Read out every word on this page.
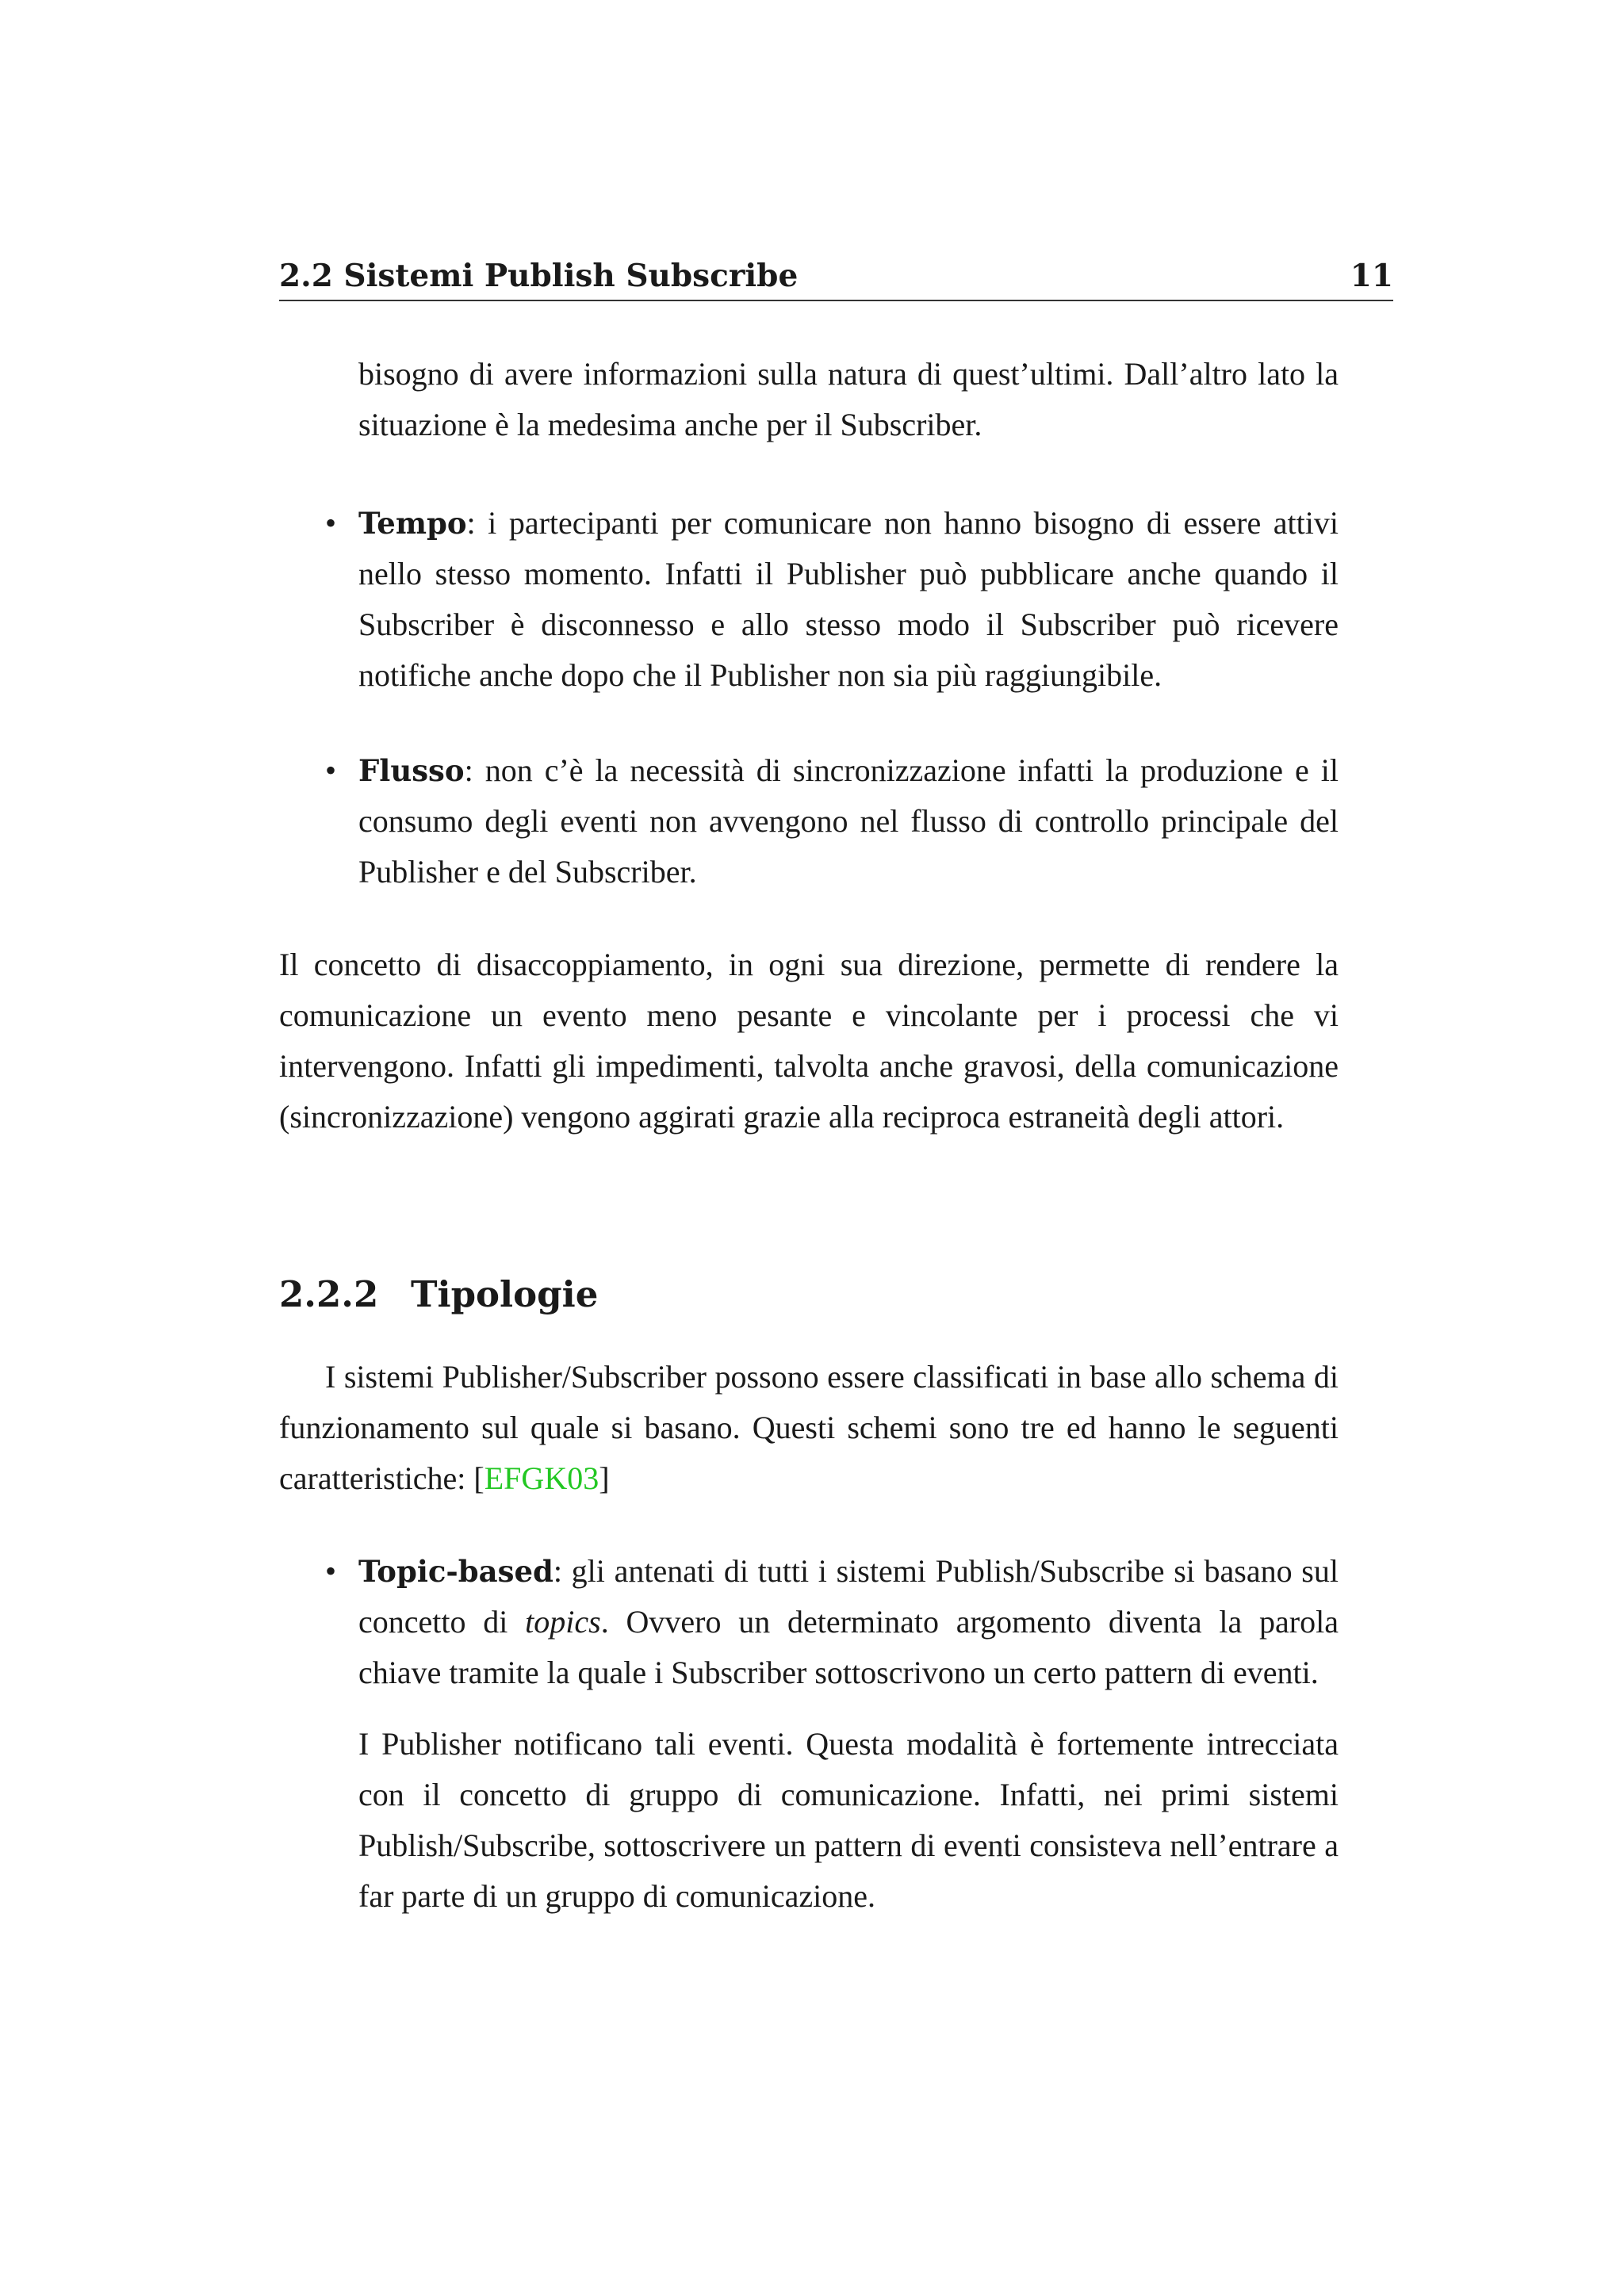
2.2 Sistemi Publish Subscribe	11

bisogno di avere informazioni sulla natura di quest’ultimi. Dall’altro lato la situazione è la medesima anche per il Subscriber.

• Tempo: i partecipanti per comunicare non hanno bisogno di essere attivi nello stesso momento. Infatti il Publisher può pubblicare anche quando il Subscriber è disconnesso e allo stesso modo il Subscriber può ricevere notifiche anche dopo che il Publisher non sia più raggiungibile.
• Flusso: non c’è la necessità di sincronizzazione infatti la produzione e il consumo degli eventi non avvengono nel flusso di controllo principale del Publisher e del Subscriber.

Il concetto di disaccoppiamento, in ogni sua direzione, permette di rendere la comunicazione un evento meno pesante e vincolante per i processi che vi intervengono. Infatti gli impedimenti, talvolta anche gravosi, della comunicazione (sincronizzazione) vengono aggirati grazie alla reciproca estraneità degli attori.

2.2.2 Tipologie

I sistemi Publisher/Subscriber possono essere classificati in base allo schema di funzionamento sul quale si basano. Questi schemi sono tre ed hanno le seguenti caratteristiche: [EFGK03]

• Topic-based: gli antenati di tutti i sistemi Publish/Subscribe si basano sul concetto di topics. Ovvero un determinato argomento diventa la parola chiave tramite la quale i Subscriber sottoscrivono un certo pattern di eventi.
I Publisher notificano tali eventi. Questa modalità è fortemente intrecciata con il concetto di gruppo di comunicazione. Infatti, nei primi sistemi Publish/Subscribe, sottoscrivere un pattern di eventi consisteva nell’entrare a far parte di un gruppo di comunicazione.
